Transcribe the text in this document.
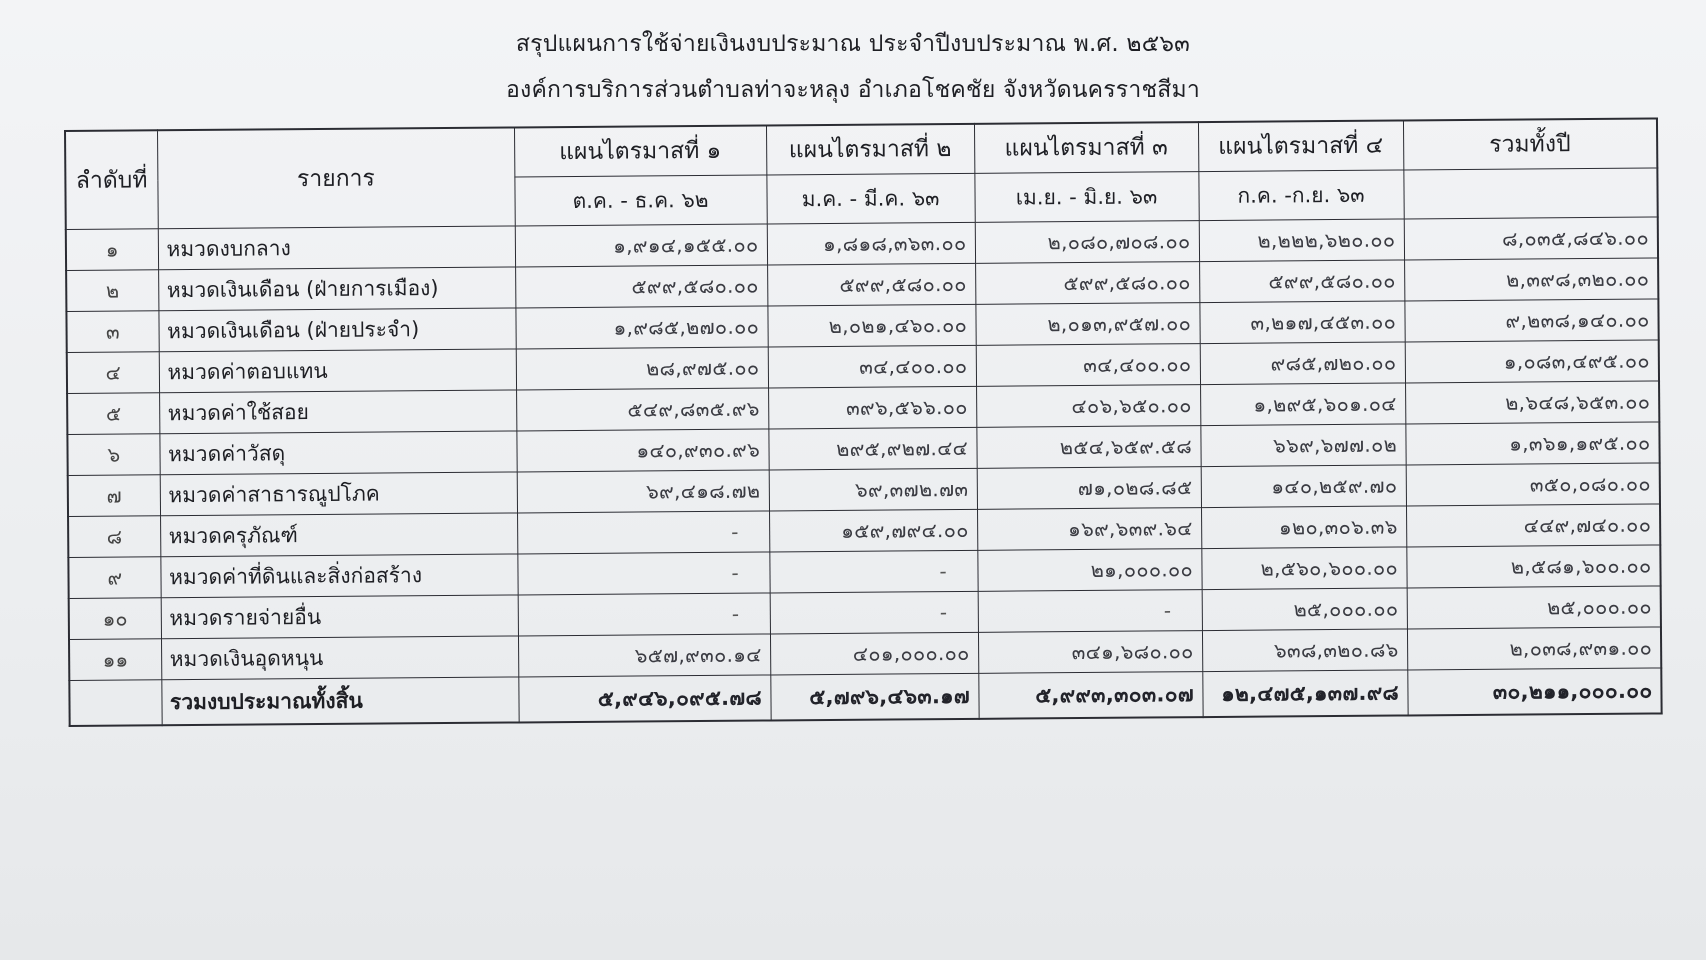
สรุปแผนการใช้จ่ายเงินงบประมาณ ประจำปีงบประมาณ พ.ศ. ๒๕๖๓
องค์การบริการส่วนตำบลท่าจะหลุง อำเภอโชคชัย จังหวัดนครราชสีมา
ลำดับที่	รายการ	แผนไตรมาสที่ ๑	แผนไตรมาสที่ ๒	แผนไตรมาสที่ ๓	แผนไตรมาสที่ ๔	รวมทั้งปี
		ต.ค. - ธ.ค. ๖๒	ม.ค. - มี.ค. ๖๓	เม.ย. - มิ.ย. ๖๓	ก.ค. -ก.ย. ๖๓	
๑	หมวดงบกลาง	๑,๙๑๔,๑๕๕.๐๐	๑,๘๑๘,๓๖๓.๐๐	๒,๐๘๐,๗๐๘.๐๐	๒,๒๒๒,๖๒๐.๐๐	๘,๐๓๕,๘๔๖.๐๐
๒	หมวดเงินเดือน (ฝ่ายการเมือง)	๕๙๙,๕๘๐.๐๐	๕๙๙,๕๘๐.๐๐	๕๙๙,๕๘๐.๐๐	๕๙๙,๕๘๐.๐๐	๒,๓๙๘,๓๒๐.๐๐
๓	หมวดเงินเดือน (ฝ่ายประจำ)	๑,๙๘๕,๒๗๐.๐๐	๒,๐๒๑,๔๖๐.๐๐	๒,๐๑๓,๙๕๗.๐๐	๓,๒๑๗,๔๕๓.๐๐	๙,๒๓๘,๑๔๐.๐๐
๔	หมวดค่าตอบแทน	๒๘,๙๗๕.๐๐	๓๔,๔๐๐.๐๐	๓๔,๔๐๐.๐๐	๙๘๕,๗๒๐.๐๐	๑,๐๘๓,๔๙๕.๐๐
๕	หมวดค่าใช้สอย	๕๔๙,๘๓๕.๙๖	๓๙๖,๕๖๖.๐๐	๔๐๖,๖๕๐.๐๐	๑,๒๙๕,๖๐๑.๐๔	๒,๖๔๘,๖๕๓.๐๐
๖	หมวดค่าวัสดุ	๑๔๐,๙๓๐.๙๖	๒๙๕,๙๒๗.๔๔	๒๕๔,๖๕๙.๕๘	๖๖๙,๖๗๗.๐๒	๑,๓๖๑,๑๙๕.๐๐
๗	หมวดค่าสาธารณูปโภค	๖๙,๔๑๘.๗๒	๖๙,๓๗๒.๗๓	๗๑,๐๒๘.๘๕	๑๔๐,๒๕๙.๗๐	๓๕๐,๐๘๐.๐๐
๘	หมวดครุภัณฑ์	-	๑๕๙,๗๙๔.๐๐	๑๖๙,๖๓๙.๖๔	๑๒๐,๓๐๖.๓๖	๔๔๙,๗๔๐.๐๐
๙	หมวดค่าที่ดินและสิ่งก่อสร้าง	-	-	๒๑,๐๐๐.๐๐	๒,๕๖๐,๖๐๐.๐๐	๒,๕๘๑,๖๐๐.๐๐
๑๐	หมวดรายจ่ายอื่น	-	-	-	๒๕,๐๐๐.๐๐	๒๕,๐๐๐.๐๐
๑๑	หมวดเงินอุดหนุน	๖๕๗,๙๓๐.๑๔	๔๐๑,๐๐๐.๐๐	๓๔๑,๖๘๐.๐๐	๖๓๘,๓๒๐.๘๖	๒,๐๓๘,๙๓๑.๐๐
	รวมงบประมาณทั้งสิ้น	๕,๙๔๖,๐๙๕.๗๘	๕,๗๙๖,๔๖๓.๑๗	๕,๙๙๓,๓๐๓.๐๗	๑๒,๔๗๕,๑๓๗.๙๘	๓๐,๒๑๑,๐๐๐.๐๐
